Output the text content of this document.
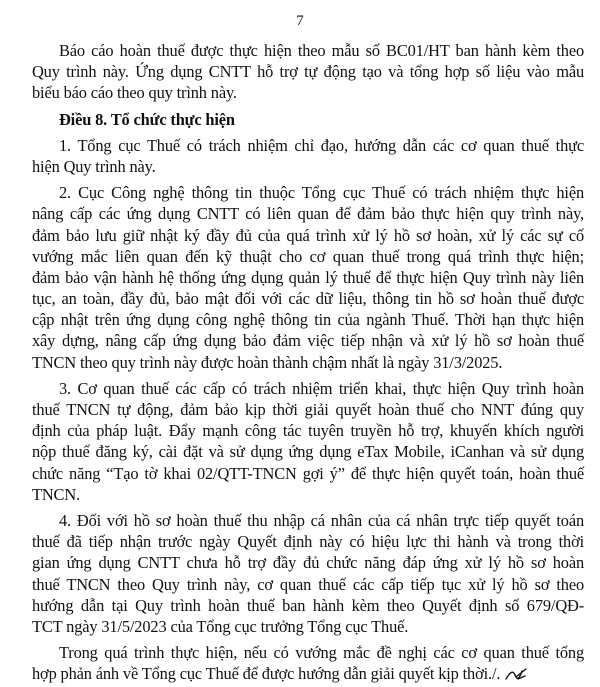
7
Báo cáo hoàn thuế được thực hiện theo mẫu số BC01/HT ban hành kèm theo
Quy trình này. Ứng dụng CNTT hỗ trợ tự động tạo và tổng hợp số liệu vào mẫu
biểu báo cáo theo quy trình này.
Điều 8. Tổ chức thực hiện
1. Tổng cục Thuế có trách nhiệm chỉ đạo, hướng dẫn các cơ quan thuế thực
hiện Quy trình này.
2. Cục Công nghệ thông tin thuộc Tổng cục Thuế có trách nhiệm thực hiện
nâng cấp các ứng dụng CNTT có liên quan để đảm bảo thực hiện quy trình này,
đảm bảo lưu giữ nhật ký đầy đủ của quá trình xử lý hồ sơ hoàn, xử lý các sự cố
vướng mắc liên quan đến kỹ thuật cho cơ quan thuế trong quá trình thực hiện;
đảm bảo vận hành hệ thống ứng dụng quản lý thuế để thực hiện Quy trình này liên
tục, an toàn, đầy đủ, bảo mật đối với các dữ liệu, thông tin hồ sơ hoàn thuế được
cập nhật trên ứng dụng công nghệ thông tin của ngành Thuế. Thời hạn thực hiện
xây dựng, nâng cấp ứng dụng bảo đảm việc tiếp nhận và xử lý hồ sơ hoàn thuế
TNCN theo quy trình này được hoàn thành chậm nhất là ngày 31/3/2025.
3. Cơ quan thuế các cấp có trách nhiệm triển khai, thực hiện Quy trình hoàn
thuế TNCN tự động, đảm bảo kịp thời giải quyết hoàn thuế cho NNT đúng quy
định của pháp luật. Đẩy mạnh công tác tuyên truyền hỗ trợ, khuyến khích người
nộp thuế đăng ký, cài đặt và sử dụng ứng dụng eTax Mobile, iCanhan và sử dụng
chức năng “Tạo tờ khai 02/QTT-TNCN gợi ý” để thực hiện quyết toán, hoàn thuế
TNCN.
4. Đối với hồ sơ hoàn thuế thu nhập cá nhân của cá nhân trực tiếp quyết toán
thuế đã tiếp nhận trước ngày Quyết định này có hiệu lực thi hành và trong thời
gian ứng dụng CNTT chưa hỗ trợ đầy đủ chức năng đáp ứng xử lý hồ sơ hoàn
thuế TNCN theo Quy trình này, cơ quan thuế các cấp tiếp tục xử lý hồ sơ theo
hướng dẫn tại Quy trình hoàn thuế ban hành kèm theo Quyết định số 679/QĐ-
TCT ngày 31/5/2023 của Tổng cục trưởng Tổng cục Thuế.
Trong quá trình thực hiện, nếu có vướng mắc đề nghị các cơ quan thuế tổng
hợp phản ánh về Tổng cục Thuế để được hướng dẫn giải quyết kịp thời./.
